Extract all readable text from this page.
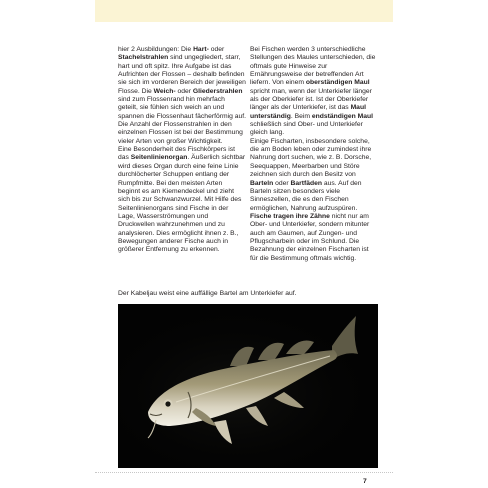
hier 2 Ausbildungen: Die Hart- oder Stachelstrahlen sind ungegliedert, starr, hart und oft spitz. Ihre Aufgabe ist das Aufrichten der Flossen – deshalb befinden sie sich im vorderen Bereich der jeweiligen Flosse. Die Weich- oder Gliederstrahlen sind zum Flossenrand hin mehrfach geteilt, sie fühlen sich weich an und spannen die Flossenhaut fächerförmig auf. Die Anzahl der Flossenstrahlen in den einzelnen Flossen ist bei der Bestimmung vieler Arten von großer Wichtigkeit.
Eine Besonderheit des Fischkörpers ist das Seitenlinienorgan. Äußerlich sichtbar wird dieses Organ durch eine feine Linie durchlöcherter Schuppen entlang der Rumpfmitte. Bei den meisten Arten beginnt es am Kiemendeckel und zieht sich bis zur Schwanzwurzel. Mit Hilfe des Seitenlinienorgans sind Fische in der Lage, Wasserströmungen und Druckwellen wahrzunehmen und zu analysieren. Dies ermöglicht ihnen z. B., Bewegungen anderer Fische auch in größerer Entfernung zu erkennen.
Bei Fischen werden 3 unterschiedliche Stellungen des Maules unterschieden, die oftmals gute Hinweise zur Ernährungsweise der betreffenden Art liefern. Von einem oberständigen Maul spricht man, wenn der Unterkiefer länger als der Oberkiefer ist. Ist der Oberkiefer länger als der Unterkiefer, ist das Maul unterständig. Beim endständigen Maul schließlich sind Ober- und Unterkiefer gleich lang.
Einige Fischarten, insbesondere solche, die am Boden leben oder zumindest ihre Nahrung dort suchen, wie z. B. Dorsche, Seequappen, Meerbarben und Störe zeichnen sich durch den Besitz von Barteln oder Bartfäden aus. Auf den Barteln sitzen besonders viele Sinneszellen, die es den Fischen ermöglichen, Nahrung aufzuspüren.
Fische tragen ihre Zähne nicht nur am Ober- und Unterkiefer, sondern mitunter auch am Gaumen, auf Zungen- und Pflugscharbein oder im Schlund. Die Bezahnung der einzelnen Fischarten ist für die Bestimmung oftmals wichtig.
Der Kabeljau weist eine auffällige Bartel am Unterkiefer auf.
7
